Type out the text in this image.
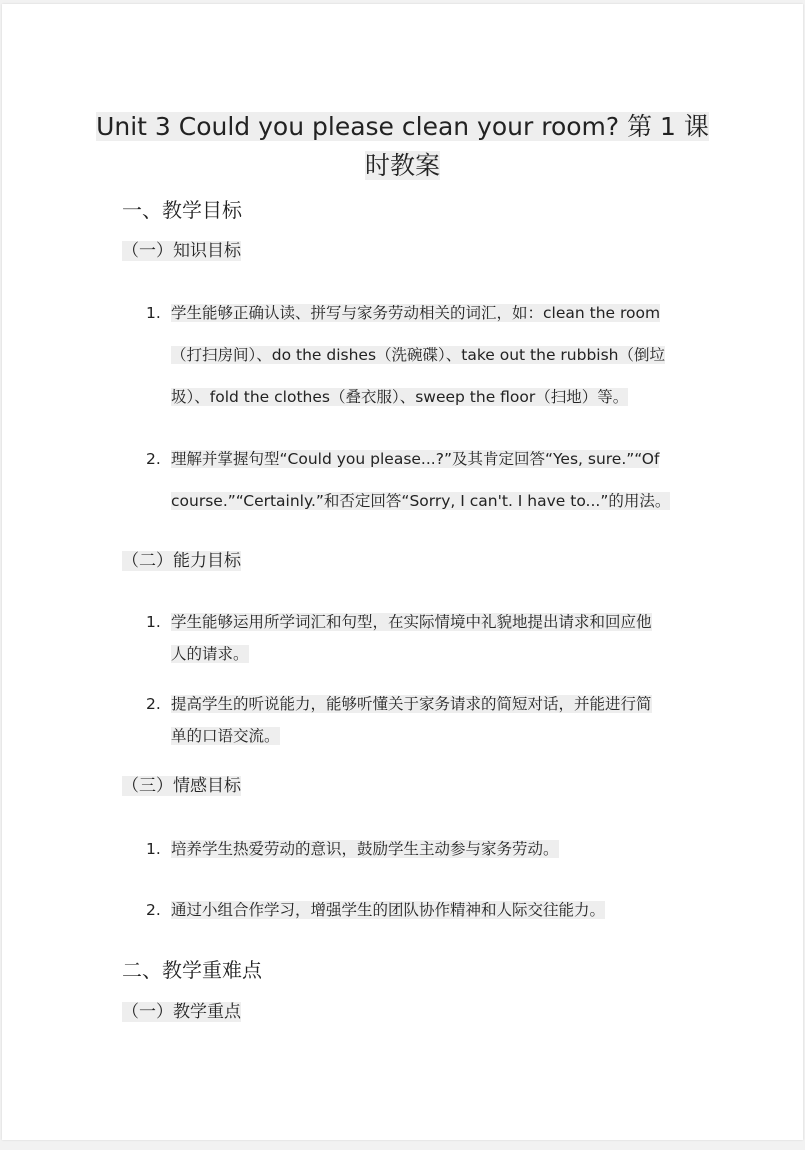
Unit 3 Could you please clean your room? 第 1 课
时教案
一、教学目标
（一）知识目标
1. 学生能够正确认读、拼写与家务劳动相关的词汇，如：clean the room
（打扫房间）、do the dishes（洗碗碟）、take out the rubbish（倒垃
圾）、fold the clothes（叠衣服）、sweep the floor（扫地）等。
2. 理解并掌握句型“Could you please...?”及其肯定回答“Yes, sure.”“Of
course.”“Certainly.”和否定回答“Sorry, I can't. I have to...”的用法。
（二）能力目标
1. 学生能够运用所学词汇和句型，在实际情境中礼貌地提出请求和回应他
人的请求。
2. 提高学生的听说能力，能够听懂关于家务请求的简短对话，并能进行简
单的口语交流。
（三）情感目标
1. 培养学生热爱劳动的意识，鼓励学生主动参与家务劳动。
2. 通过小组合作学习，增强学生的团队协作精神和人际交往能力。
二、教学重难点
（一）教学重点
